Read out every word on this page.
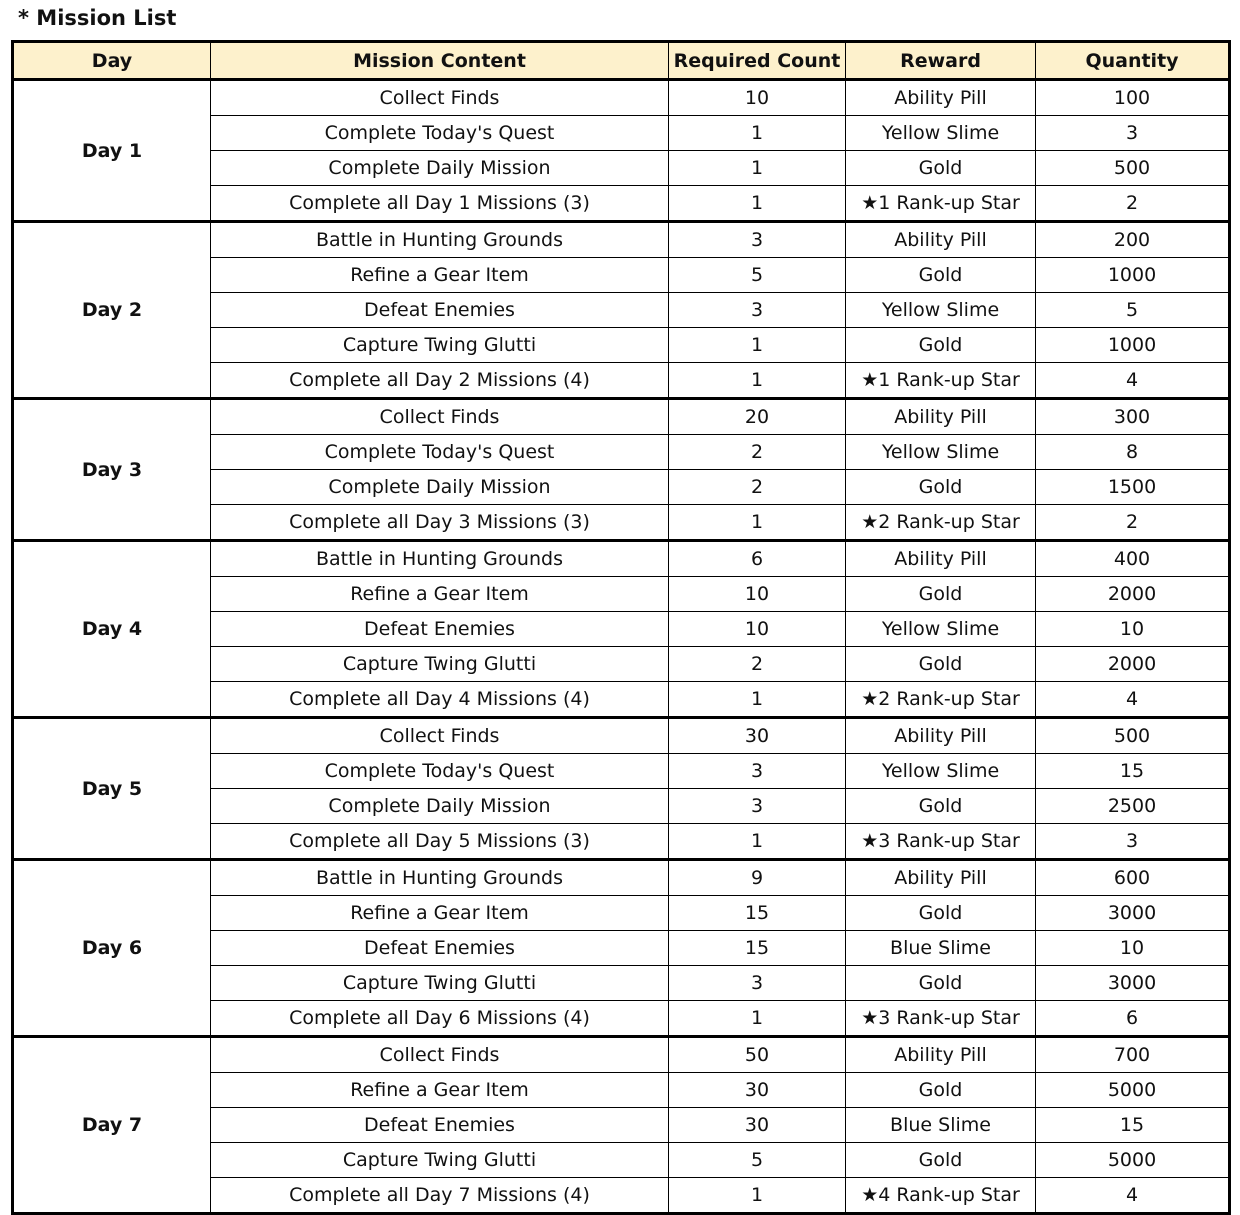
* Mission List
Day	Mission Content	Required Count	Reward	Quantity
Day 1	Collect Finds	10	Ability Pill	100
	Complete Today's Quest	1	Yellow Slime	3
	Complete Daily Mission	1	Gold	500
	Complete all Day 1 Missions (3)	1	★1 Rank-up Star	2
Day 2	Battle in Hunting Grounds	3	Ability Pill	200
	Refine a Gear Item	5	Gold	1000
	Defeat Enemies	3	Yellow Slime	5
	Capture Twing Glutti	1	Gold	1000
	Complete all Day 2 Missions (4)	1	★1 Rank-up Star	4
Day 3	Collect Finds	20	Ability Pill	300
	Complete Today's Quest	2	Yellow Slime	8
	Complete Daily Mission	2	Gold	1500
	Complete all Day 3 Missions (3)	1	★2 Rank-up Star	2
Day 4	Battle in Hunting Grounds	6	Ability Pill	400
	Refine a Gear Item	10	Gold	2000
	Defeat Enemies	10	Yellow Slime	10
	Capture Twing Glutti	2	Gold	2000
	Complete all Day 4 Missions (4)	1	★2 Rank-up Star	4
Day 5	Collect Finds	30	Ability Pill	500
	Complete Today's Quest	3	Yellow Slime	15
	Complete Daily Mission	3	Gold	2500
	Complete all Day 5 Missions (3)	1	★3 Rank-up Star	3
Day 6	Battle in Hunting Grounds	9	Ability Pill	600
	Refine a Gear Item	15	Gold	3000
	Defeat Enemies	15	Blue Slime	10
	Capture Twing Glutti	3	Gold	3000
	Complete all Day 6 Missions (4)	1	★3 Rank-up Star	6
Day 7	Collect Finds	50	Ability Pill	700
	Refine a Gear Item	30	Gold	5000
	Defeat Enemies	30	Blue Slime	15
	Capture Twing Glutti	5	Gold	5000
	Complete all Day 7 Missions (4)	1	★4 Rank-up Star	4
